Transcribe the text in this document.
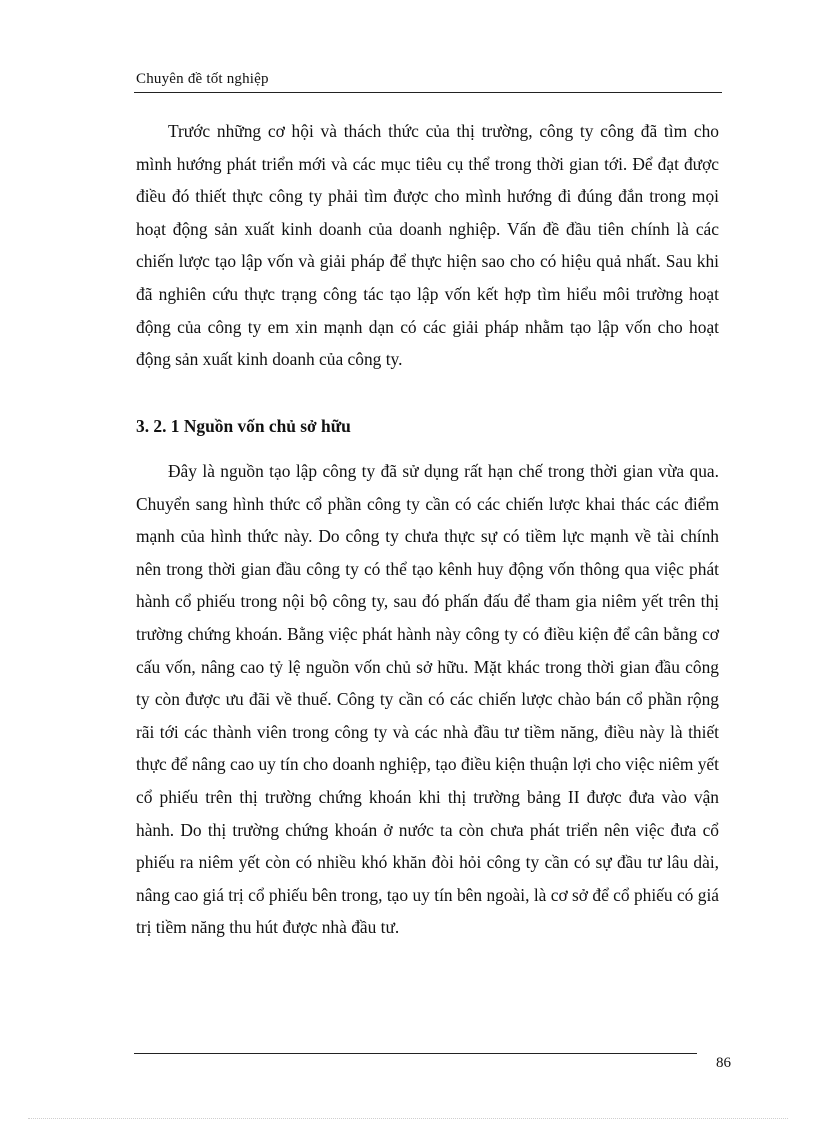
Chuyên đề tốt nghiệp

Trước những cơ hội và thách thức của thị trường, công ty công đã tìm cho mình hướng phát triển mới và các mục tiêu cụ thể trong thời gian tới. Để đạt được điều đó thiết thực công ty phải tìm được cho mình hướng đi đúng đắn trong mọi hoạt động sản xuất kinh doanh của doanh nghiệp. Vấn đề đầu tiên chính là các chiến lược tạo lập vốn và giải pháp để thực hiện sao cho có hiệu quả nhất. Sau khi đã nghiên cứu thực trạng công tác tạo lập vốn kết hợp tìm hiểu môi trường hoạt động của công ty em xin mạnh dạn có các giải pháp nhằm tạo lập vốn cho hoạt động sản xuất kinh doanh của công ty.

3. 2. 1 Nguồn vốn chủ sở hữu

Đây là nguồn tạo lập công ty đã sử dụng rất hạn chế trong thời gian vừa qua. Chuyển sang hình thức cổ phần công ty cần có các chiến lược khai thác các điểm mạnh của hình thức này. Do công ty chưa thực sự có tiềm lực mạnh về tài chính nên trong thời gian đầu công ty có thể tạo kênh huy động vốn thông qua việc phát hành cổ phiếu trong nội bộ công ty, sau đó phấn đấu để tham gia niêm yết trên thị trường chứng khoán. Bằng việc phát hành này công ty có điều kiện để cân bằng cơ cấu vốn, nâng cao tỷ lệ nguồn vốn chủ sở hữu. Mặt khác trong thời gian đầu công ty còn được ưu đãi về thuế. Công ty cần có các chiến lược chào bán cổ phần rộng rãi tới các thành viên trong công ty và các nhà đầu tư tiềm năng, điều này là thiết thực để nâng cao uy tín cho doanh nghiệp, tạo điều kiện thuận lợi cho việc niêm yết cổ phiếu trên thị trường chứng khoán khi thị trường bảng II được đưa vào vận hành. Do thị trường chứng khoán ở nước ta còn chưa phát triển nên việc đưa cổ phiếu ra niêm yết còn có nhiều khó khăn đòi hỏi công ty cần có sự đầu tư lâu dài, nâng cao giá trị cổ phiếu bên trong, tạo uy tín bên ngoài, là cơ sở để cổ phiếu có giá trị tiềm năng thu hút được nhà đầu tư.

86
